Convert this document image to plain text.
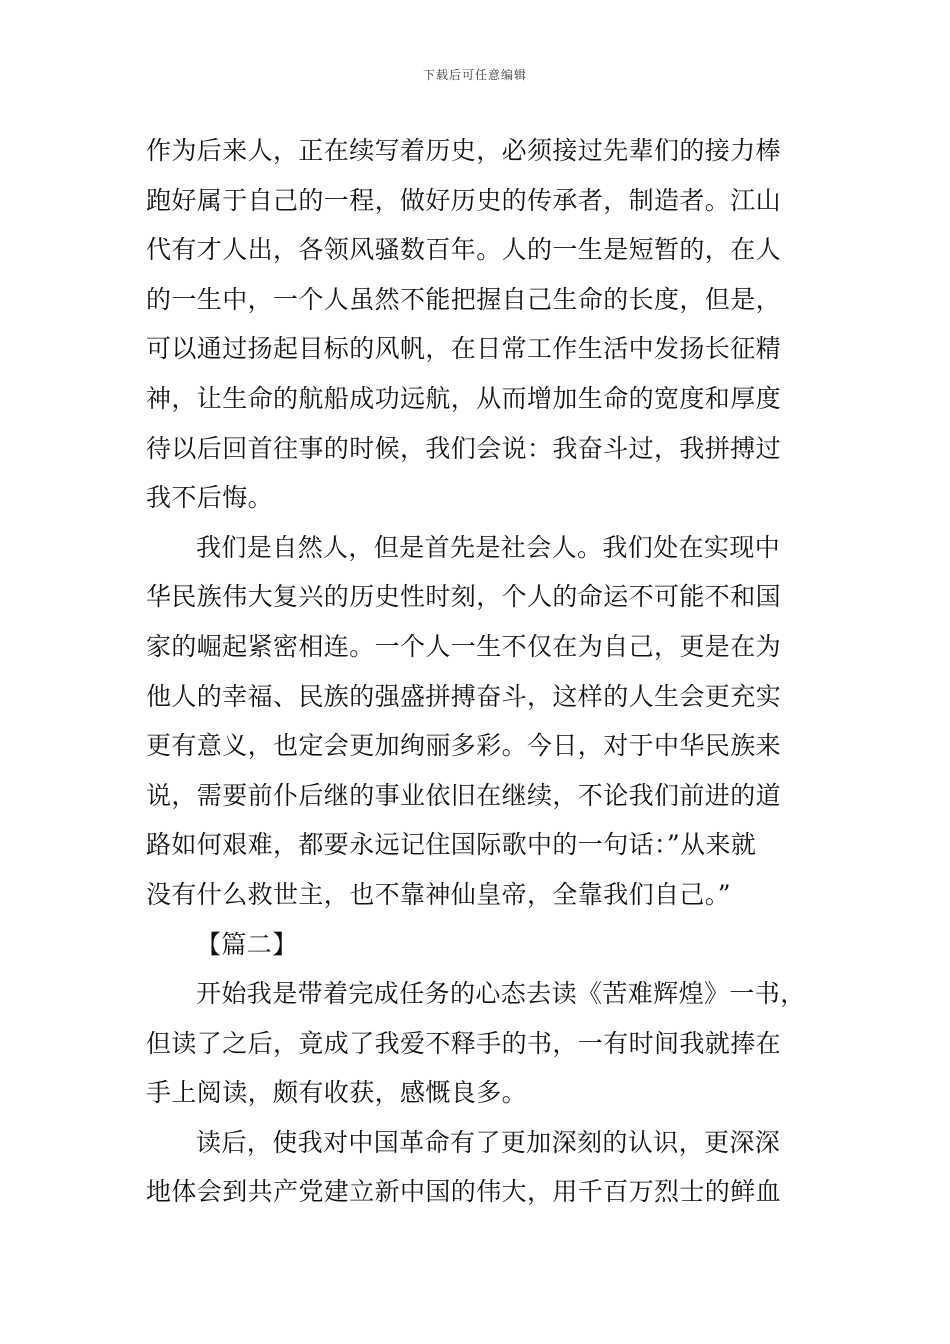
下载后可任意编辑
作为后来人，正在续写着历史，必须接过先辈们的接力棒
跑好属于自己的一程，做好历史的传承者，制造者。江山
代有才人出，各领风骚数百年。人的一生是短暂的，在人
的一生中，一个人虽然不能把握自己生命的长度，但是，
可以通过扬起目标的风帆，在日常工作生活中发扬长征精
神，让生命的航船成功远航，从而增加生命的宽度和厚度
待以后回首往事的时候，我们会说：我奋斗过，我拼搏过
我不后悔。
我们是自然人，但是首先是社会人。我们处在实现中
华民族伟大复兴的历史性时刻，个人的命运不可能不和国
家的崛起紧密相连。一个人一生不仅在为自己，更是在为
他人的幸福、民族的强盛拼搏奋斗，这样的人生会更充实
更有意义，也定会更加绚丽多彩。今日，对于中华民族来
说，需要前仆后继的事业依旧在继续，不论我们前进的道
路如何艰难，都要永远记住国际歌中的一句话：”从来就
没有什么救世主，也不靠神仙皇帝，全靠我们自己。”
【篇二】
开始我是带着完成任务的心态去读《苦难辉煌》一书，
但读了之后，竟成了我爱不释手的书，一有时间我就捧在
手上阅读，颇有收获，感慨良多。
读后，使我对中国革命有了更加深刻的认识，更深深
地体会到共产党建立新中国的伟大，用千百万烈士的鲜血
